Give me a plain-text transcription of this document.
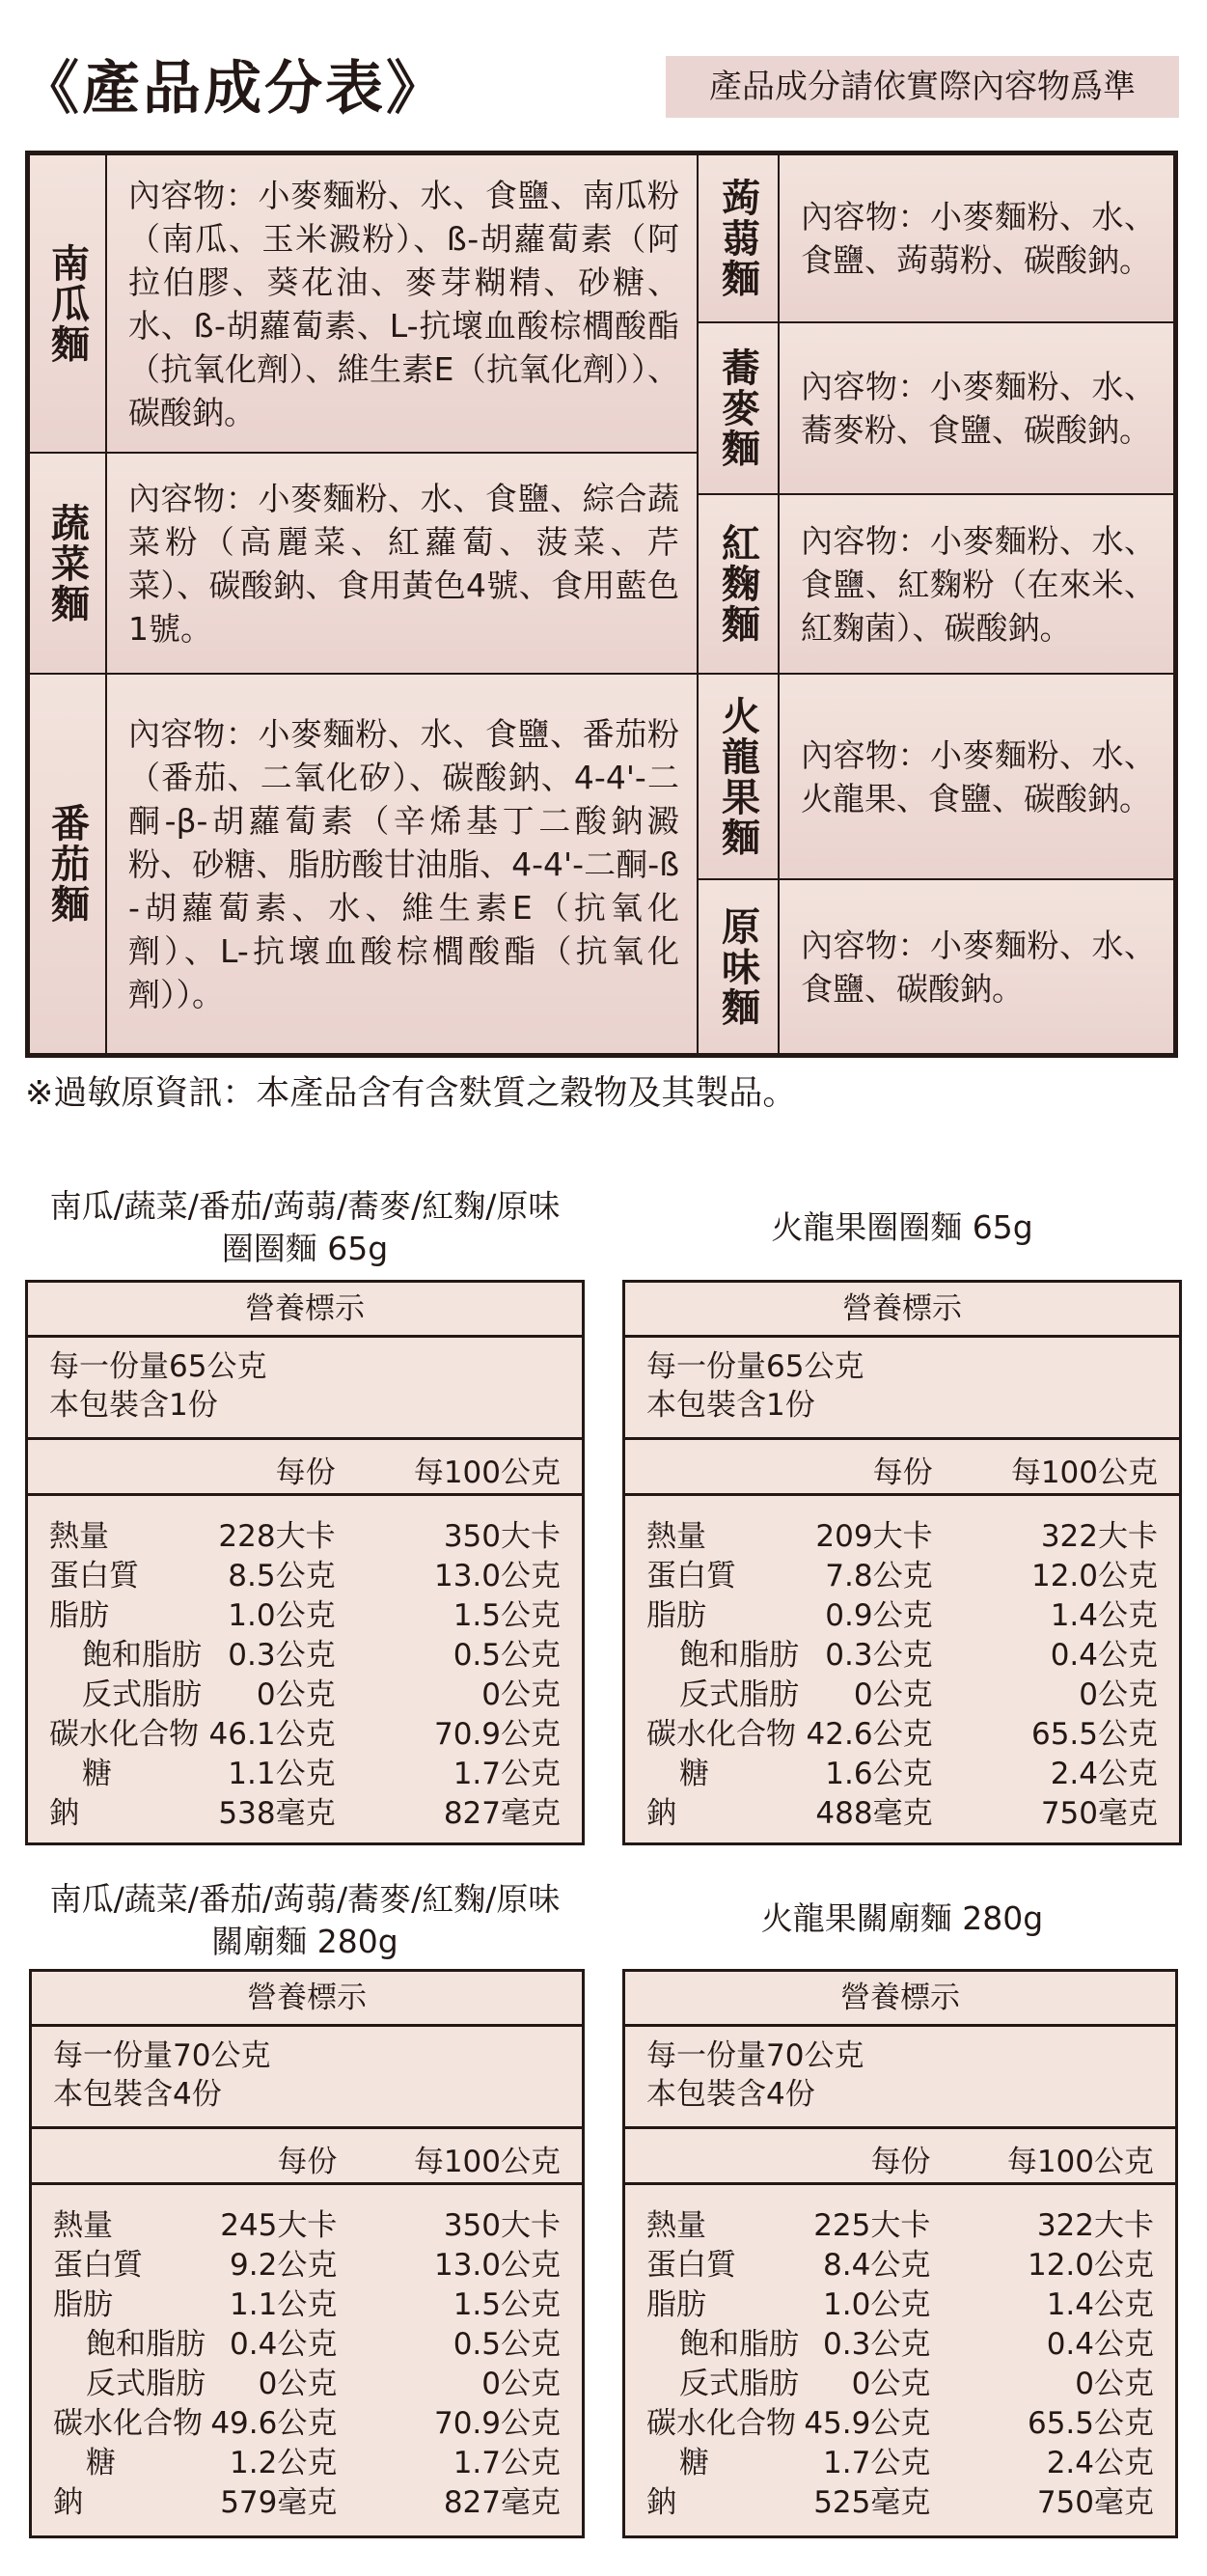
《產品成分表》	產品成分請依實際內容物爲準
南瓜麵
內容物：小麥麵粉、水、食鹽、南瓜粉（南瓜、玉米澱粉）、ß-胡蘿蔔素（阿拉伯膠、葵花油、麥芽糊精、砂糖、水、ß-胡蘿蔔素、L-抗壞血酸棕櫚酸酯（抗氧化劑）、維生素E（抗氧化劑））、碳酸鈉。
蔬菜麵
內容物：小麥麵粉、水、食鹽、綜合蔬菜粉（高麗菜、紅蘿蔔、菠菜、芹菜）、碳酸鈉、食用黃色4號、食用藍色1號。
番茄麵
內容物：小麥麵粉、水、食鹽、番茄粉（番茄、二氧化矽）、碳酸鈉、4-4'-二酮-β-胡蘿蔔素（辛烯基丁二酸鈉澱粉、砂糖、脂肪酸甘油脂、4-4'-二酮-ß-胡蘿蔔素、水、維生素E（抗氧化劑）、L-抗壞血酸棕櫚酸酯（抗氧化劑））。
蒟蒻麵	內容物：小麥麵粉、水、食鹽、蒟蒻粉、碳酸鈉。
蕎麥麵	內容物：小麥麵粉、水、蕎麥粉、食鹽、碳酸鈉。
紅麴麵	內容物：小麥麵粉、水、食鹽、紅麴粉（在來米、紅麴菌）、碳酸鈉。
火龍果麵	內容物：小麥麵粉、水、火龍果、食鹽、碳酸鈉。
原味麵	內容物：小麥麵粉、水、食鹽、碳酸鈉。
※過敏原資訊：本產品含有含麩質之穀物及其製品。
南瓜/蔬菜/番茄/蒟蒻/蕎麥/紅麴/原味
圈圈麵 65g
火龍果圈圈麵 65g
南瓜/蔬菜/番茄/蒟蒻/蕎麥/紅麴/原味
關廟麵 280g
火龍果關廟麵 280g
營養標示
每一份量65公克
本包裝含1份
每份	每100公克
熱量	228大卡	350大卡
蛋白質	8.5公克	13.0公克
脂肪	1.0公克	1.5公克
飽和脂肪 0.3公克	0.5公克
反式脂肪 0公克	0公克
碳水化合物 46.1公克	70.9公克
糖	1.1公克	1.7公克
鈉	538毫克	827毫克
營養標示
每一份量65公克
本包裝含1份
每份	每100公克
熱量	209大卡	322大卡
蛋白質	7.8公克	12.0公克
脂肪	0.9公克	1.4公克
飽和脂肪 0.3公克	0.4公克
反式脂肪 0公克	0公克
碳水化合物 42.6公克	65.5公克
糖	1.6公克	2.4公克
鈉	488毫克	750毫克
營養標示
每一份量70公克
本包裝含4份
每份	每100公克
熱量	245大卡	350大卡
蛋白質	9.2公克	13.0公克
脂肪	1.1公克	1.5公克
飽和脂肪 0.4公克	0.5公克
反式脂肪 0公克	0公克
碳水化合物 49.6公克	70.9公克
糖	1.2公克	1.7公克
鈉	579毫克	827毫克
營養標示
每一份量70公克
本包裝含4份
每份	每100公克
熱量	225大卡	322大卡
蛋白質	8.4公克	12.0公克
脂肪	1.0公克	1.4公克
飽和脂肪 0.3公克	0.4公克
反式脂肪 0公克	0公克
碳水化合物 45.9公克	65.5公克
糖	1.7公克	2.4公克
鈉	525毫克	750毫克
